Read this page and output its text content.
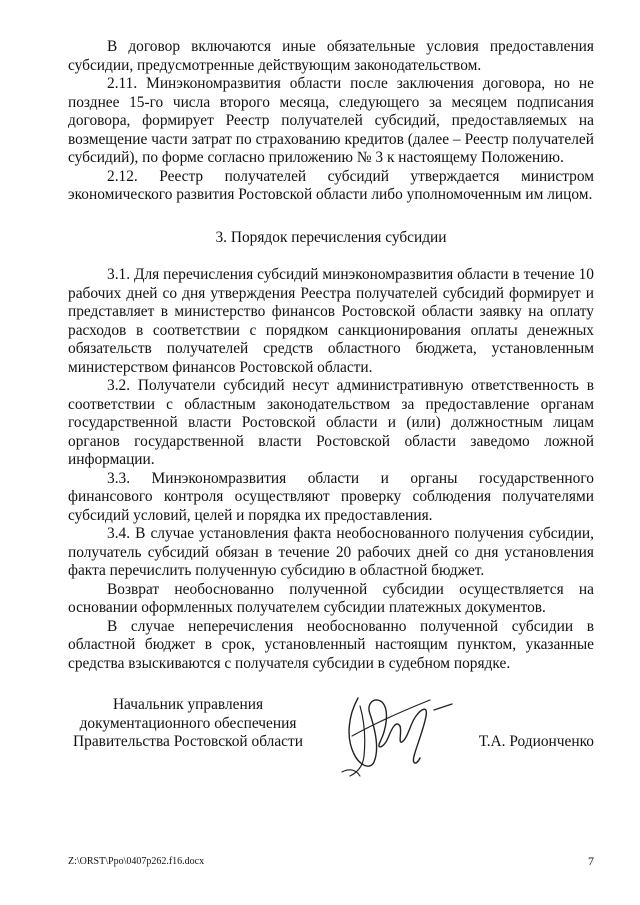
В договор включаются иные обязательные условия предоставления субсидии, предусмотренные действующим законодательством.

2.11. Минэкономразвития области после заключения договора, но не позднее 15-го числа второго месяца, следующего за месяцем подписания договора, формирует Реестр получателей субсидий, предоставляемых на возмещение части затрат по страхованию кредитов (далее – Реестр получателей субсидий), по форме согласно приложению № 3 к настоящему Положению.

2.12. Реестр получателей субсидий утверждается министром экономического развития Ростовской области либо уполномоченным им лицом.

3. Порядок перечисления субсидии

3.1. Для перечисления субсидий минэкономразвития области в течение 10 рабочих дней со дня утверждения Реестра получателей субсидий формирует и представляет в министерство финансов Ростовской области заявку на оплату расходов в соответствии с порядком санкционирования оплаты денежных обязательств получателей средств областного бюджета, установленным министерством финансов Ростовской области.

3.2. Получатели субсидий несут административную ответственность в соответствии с областным законодательством за предоставление органам государственной власти Ростовской области и (или) должностным лицам органов государственной власти Ростовской области заведомо ложной информации.

3.3. Минэкономразвития области и органы государственного финансового контроля осуществляют проверку соблюдения получателями субсидий условий, целей и порядка их предоставления.

3.4. В случае установления факта необоснованного получения субсидии, получатель субсидий обязан в течение 20 рабочих дней со дня установления факта перечислить полученную субсидию в областной бюджет.

Возврат необоснованно полученной субсидии осуществляется на основании оформленных получателем субсидии платежных документов.

В случае неперечисления необоснованно полученной субсидии в областной бюджет в срок, установленный настоящим пунктом, указанные средства взыскиваются с получателя субсидии в судебном порядке.

Начальник управления
документационного обеспечения
Правительства Ростовской области	Т.А. Родионченко
Z:\ORST\Ppo\0407p262.f16.docx	7
